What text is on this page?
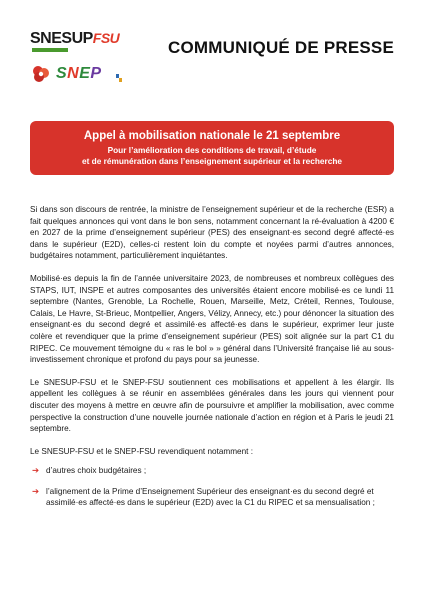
SNESUPFSU
SNEP
COMMUNIQUÉ DE PRESSE
Appel à mobilisation nationale le 21 septembre
Pour l’amélioration des conditions de travail, d’étude
et de rémunération dans l’enseignement supérieur et la recherche

Si dans son discours de rentrée, la ministre de l’enseignement supérieur et de la recherche (ESR) a fait quelques annonces qui vont dans le bon sens, notamment concernant la ré-évaluation à 4200 € en 2027 de la prime d’enseignement supérieur (PES) des enseignant·es second degré affecté·es dans le supérieur (E2D), celles-ci restent loin du compte et noyées parmi d’autres annonces, budgétaires notamment, particulièrement inquiétantes.

Mobilisé·es depuis la fin de l’année universitaire 2023, de nombreuses et nombreux collègues des STAPS, IUT, INSPE et autres composantes des universités étaient encore mobilisé·es ce lundi 11 septembre (Nantes, Grenoble, La Rochelle, Rouen, Marseille, Metz, Créteil, Rennes, Toulouse, Calais, Le Havre, St-Brieuc, Montpellier, Angers, Vélizy, Annecy, etc.) pour dénoncer la situation des enseignant·es du second degré et assimilé·es affecté·es dans le supérieur, exprimer leur juste colère et revendiquer que la prime d’enseignement supérieur (PES) soit alignée sur la part C1 du RIPEC. Ce mouvement témoigne du « ras le bol » » général dans l’Université française lié au sous-investissement chronique et profond du pays pour sa jeunesse.

Le SNESUP-FSU et le SNEP-FSU soutiennent ces mobilisations et appellent à les élargir. Ils appellent les collègues à se réunir en assemblées générales dans les jours qui viennent pour discuter des moyens à mettre en œuvre afin de poursuivre et amplifier la mobilisation, avec comme perspective la construction d’une nouvelle journée nationale d’action en région et à Paris le jeudi 21 septembre.

Le SNESUP-FSU et le SNEP-FSU revendiquent notamment :

➔ d’autres choix budgétaires ;
➔ l’alignement de la Prime d’Enseignement Supérieur des enseignant·es du second degré et assimilé·es affecté·es dans le supérieur (E2D) avec la C1 du RIPEC et sa mensualisation ;
